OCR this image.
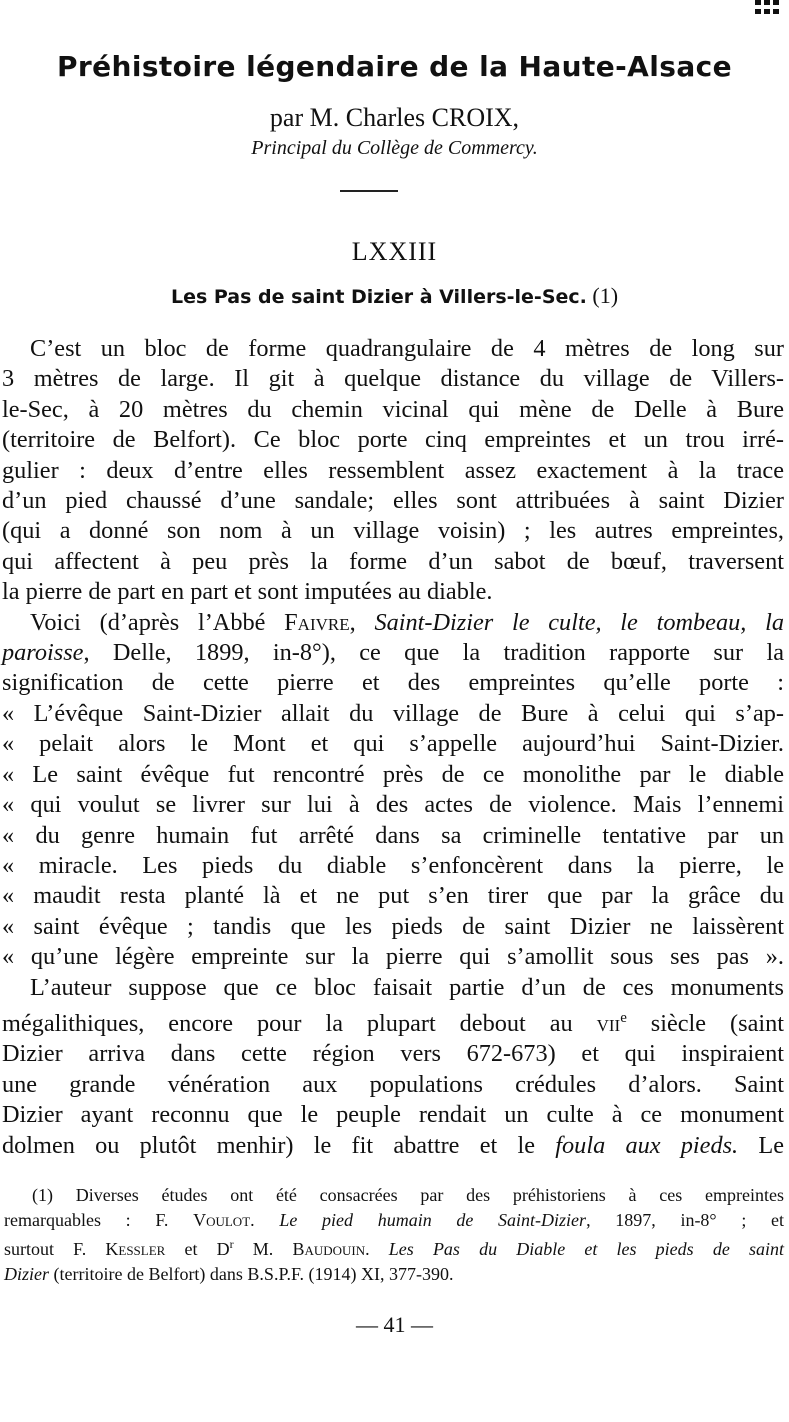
Préhistoire légendaire de la Haute-Alsace
par M. Charles CROIX,
Principal du Collège de Commercy.
LXXIII
Les Pas de saint Dizier à Villers-le-Sec. (1)
C’est un bloc de forme quadrangulaire de 4 mètres de long sur
3 mètres de large. Il git à quelque distance du village de Villers-
le-Sec, à 20 mètres du chemin vicinal qui mène de Delle à Bure
(territoire de Belfort). Ce bloc porte cinq empreintes et un trou irré-
gulier : deux d’entre elles ressemblent assez exactement à la trace
d’un pied chaussé d’une sandale; elles sont attribuées à saint Dizier
(qui a donné son nom à un village voisin) ; les autres empreintes,
qui affectent à peu près la forme d’un sabot de bœuf, traversent
la pierre de part en part et sont imputées au diable.
Voici (d’après l’Abbé Faivre, Saint-Dizier le culte, le tombeau, la
paroisse, Delle, 1899, in-8°), ce que la tradition rapporte sur la
signification de cette pierre et des empreintes qu’elle porte :
« L’évêque Saint-Dizier allait du village de Bure à celui qui s’ap-
« pelait alors le Mont et qui s’appelle aujourd’hui Saint-Dizier.
« Le saint évêque fut rencontré près de ce monolithe par le diable
« qui voulut se livrer sur lui à des actes de violence. Mais l’ennemi
« du genre humain fut arrêté dans sa criminelle tentative par un
« miracle. Les pieds du diable s’enfoncèrent dans la pierre, le
« maudit resta planté là et ne put s’en tirer que par la grâce du
« saint évêque ; tandis que les pieds de saint Dizier ne laissèrent
« qu’une légère empreinte sur la pierre qui s’amollit sous ses pas ».
L’auteur suppose que ce bloc faisait partie d’un de ces monuments
mégalithiques, encore pour la plupart debout au vii$^e$ siècle (saint
Dizier arriva dans cette région vers 672-673) et qui inspiraient
une grande vénération aux populations crédules d’alors. Saint
Dizier ayant reconnu que le peuple rendait un culte à ce monument
dolmen ou plutôt menhir) le fit abattre et le foula aux pieds. Le
(1) Diverses études ont été consacrées par des préhistoriens à ces empreintes
remarquables : F. Voulot. Le pied humain de Saint-Dizier, 1897, in-8° ; et
surtout F. Kessler et $D^r$ M. Baudouin. Les Pas du Diable et les pieds de saint
Dizier (territoire de Belfort) dans B.S.P.F. (1914) XI, 377-390.
— 41 —
